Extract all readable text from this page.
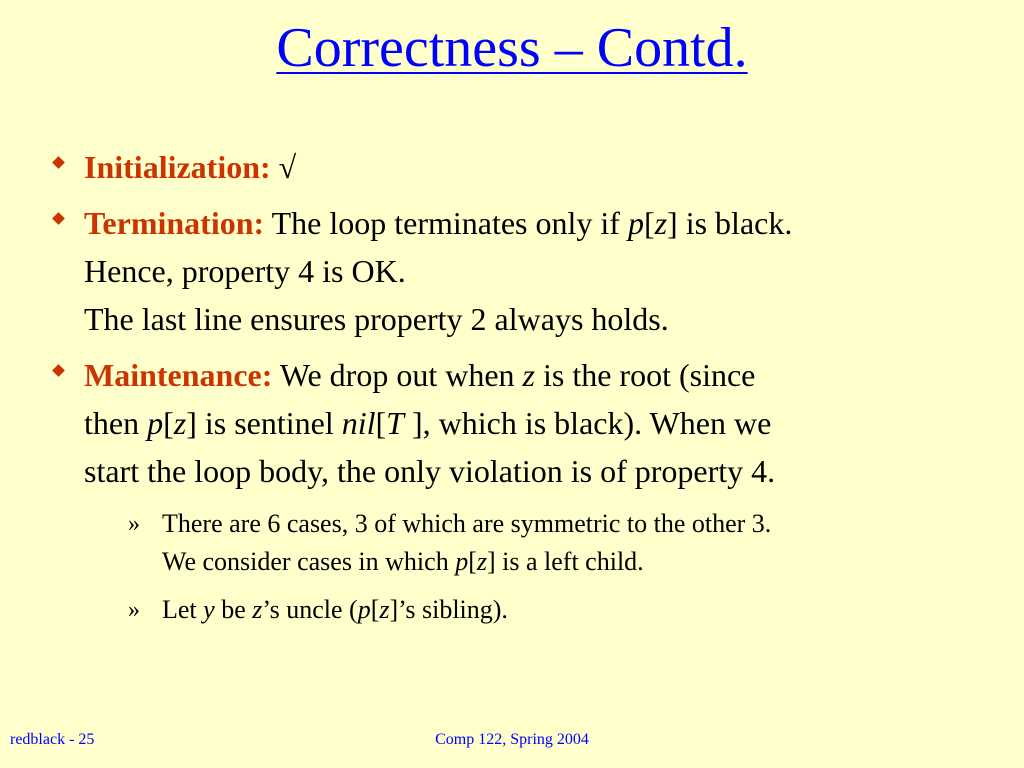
Correctness – Contd.
Initialization: √
Termination: The loop terminates only if p[z] is black.
Hence, property 4 is OK.
The last line ensures property 2 always holds.
Maintenance: We drop out when z is the root (since
then p[z] is sentinel nil[T ], which is black). When we
start the loop body, the only violation is of property 4.
» There are 6 cases, 3 of which are symmetric to the other 3.
We consider cases in which p[z] is a left child.
» Let y be z’s uncle (p[z]’s sibling).
redblack - 25	Comp 122, Spring 2004
